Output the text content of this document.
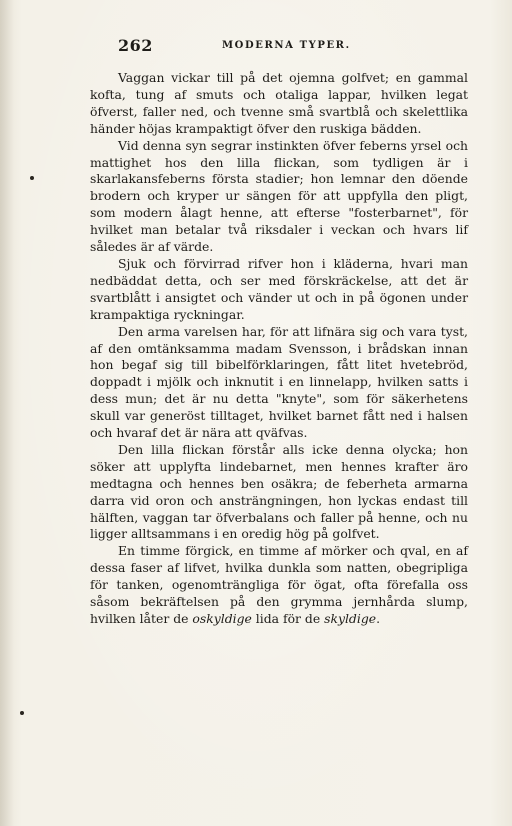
262	MODERNA TYPER.

Vaggan vickar till på det ojemna golfvet; en gammal kofta, tung af smuts och otaliga lappar, hvilken legat öfverst, faller ned, och tvenne små svartblå och skelettlika händer höjas krampaktigt öfver den ruskiga bädden.

Vid denna syn segrar instinkten öfver feberns yrsel och mattighet hos den lilla flickan, som tydligen är i skarlakansfeberns första stadier; hon lemnar den döende brodern och kryper ur sängen för att uppfylla den pligt, som modern ålagt henne, att efterse "fosterbarnet", för hvilket man betalar två riksdaler i veckan och hvars lif således är af värde.

Sjuk och förvirrad rifver hon i kläderna, hvari man nedbäddat detta, och ser med förskräckelse, att det är svartblått i ansigtet och vänder ut och in på ögonen under krampaktiga ryckningar.

Den arma varelsen har, för att lifnära sig och vara tyst, af den omtänksamma madam Svensson, i brådskan innan hon begaf sig till bibelförklaringen, fått litet hvetebröd, doppadt i mjölk och inknutit i en linnelapp, hvilken satts i dess mun; det är nu detta "knyte", som för säkerhetens skull var generöst tilltaget, hvilket barnet fått ned i halsen och hvaraf det är nära att qväfvas.

Den lilla flickan förstår alls icke denna olycka; hon söker att upplyfta lindebarnet, men hennes krafter äro medtagna och hennes ben osäkra; de feberheta armarna darra vid oron och ansträngningen, hon lyckas endast till hälften, vaggan tar öfverbalans och faller på henne, och nu ligger alltsammans i en oredig hög på golfvet.

En timme förgick, en timme af mörker och qval, en af dessa faser af lifvet, hvilka dunkla som natten, obegripliga för tanken, ogenomträngliga för ögat, ofta förefalla oss såsom bekräftelsen på den grymma jernhårda slump, hvilken låter de oskyldige lida för de skyldige.
